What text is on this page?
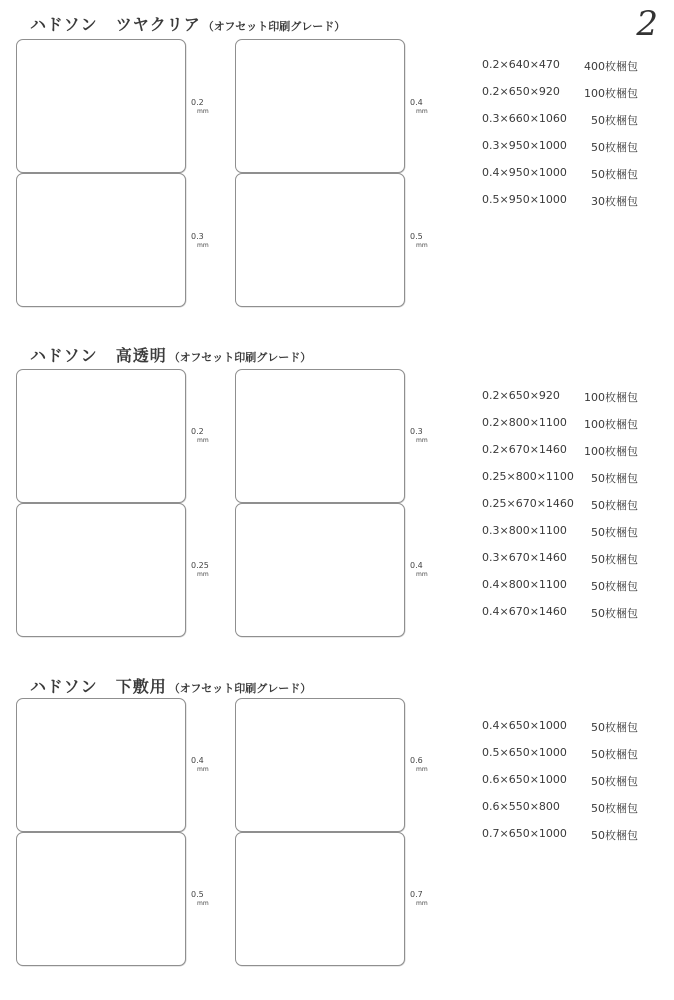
2
ハドソン ツヤクリア （オフセット印刷グレード）
0.2
mm
0.3
mm
0.4
mm
0.5
mm
0.2×640×470	400枚梱包
0.2×650×920	100枚梱包
0.3×660×1060	50枚梱包
0.3×950×1000	50枚梱包
0.4×950×1000	50枚梱包
0.5×950×1000	30枚梱包
ハドソン 高透明 （オフセット印刷グレード）
0.2
mm
0.25
mm
0.3
mm
0.4
mm
0.2×650×920	100枚梱包
0.2×800×1100	100枚梱包
0.2×670×1460	100枚梱包
0.25×800×1100	50枚梱包
0.25×670×1460	50枚梱包
0.3×800×1100	50枚梱包
0.3×670×1460	50枚梱包
0.4×800×1100	50枚梱包
0.4×670×1460	50枚梱包
ハドソン 下敷用 （オフセット印刷グレード）
0.4
mm
0.5
mm
0.6
mm
0.7
mm
0.4×650×1000	50枚梱包
0.5×650×1000	50枚梱包
0.6×650×1000	50枚梱包
0.6×550×800	50枚梱包
0.7×650×1000	50枚梱包
